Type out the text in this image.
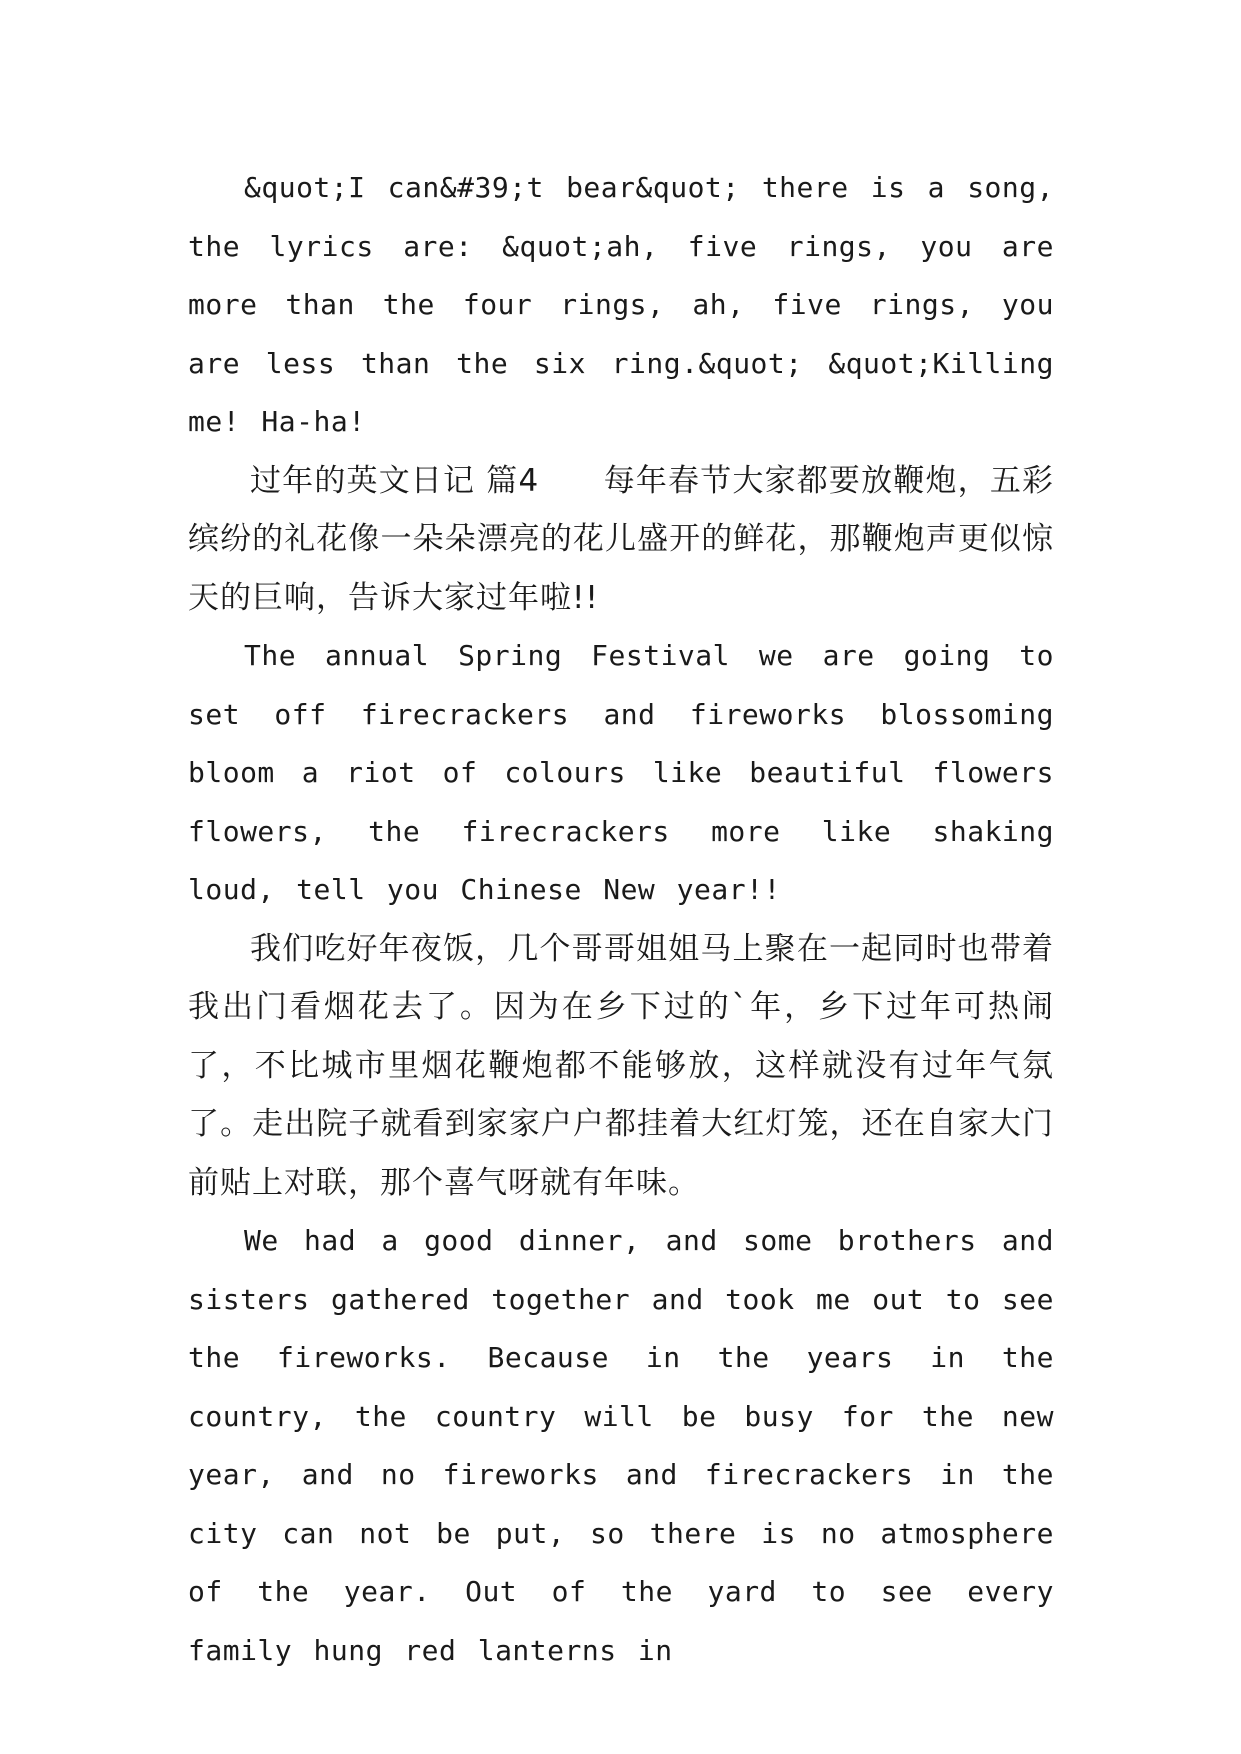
&quot;I can&#39;t bear&quot; there is a song, the lyrics are: &quot;ah, five rings, you are more than the four rings, ah, five rings, you are less than the six ring.&quot; &quot;Killing me! Ha-ha!

过年的英文日记 篇4　　每年春节大家都要放鞭炮，五彩缤纷的礼花像一朵朵漂亮的花儿盛开的鲜花，那鞭炮声更似惊天的巨响，告诉大家过年啦!!

The annual Spring Festival we are going to set off firecrackers and fireworks blossoming bloom a riot of colours like beautiful flowers flowers, the firecrackers more like shaking loud, tell you Chinese New year!!

我们吃好年夜饭，几个哥哥姐姐马上聚在一起同时也带着我出门看烟花去了。因为在乡下过的`年，乡下过年可热闹了，不比城市里烟花鞭炮都不能够放，这样就没有过年气氛了。走出院子就看到家家户户都挂着大红灯笼，还在自家大门前贴上对联，那个喜气呀就有年味。

We had a good dinner, and some brothers and sisters gathered together and took me out to see the fireworks. Because in the years in the country, the country will be busy for the new year, and no fireworks and firecrackers in the city can not be put, so there is no atmosphere of the year. Out of the yard to see every family hung red lanterns in
